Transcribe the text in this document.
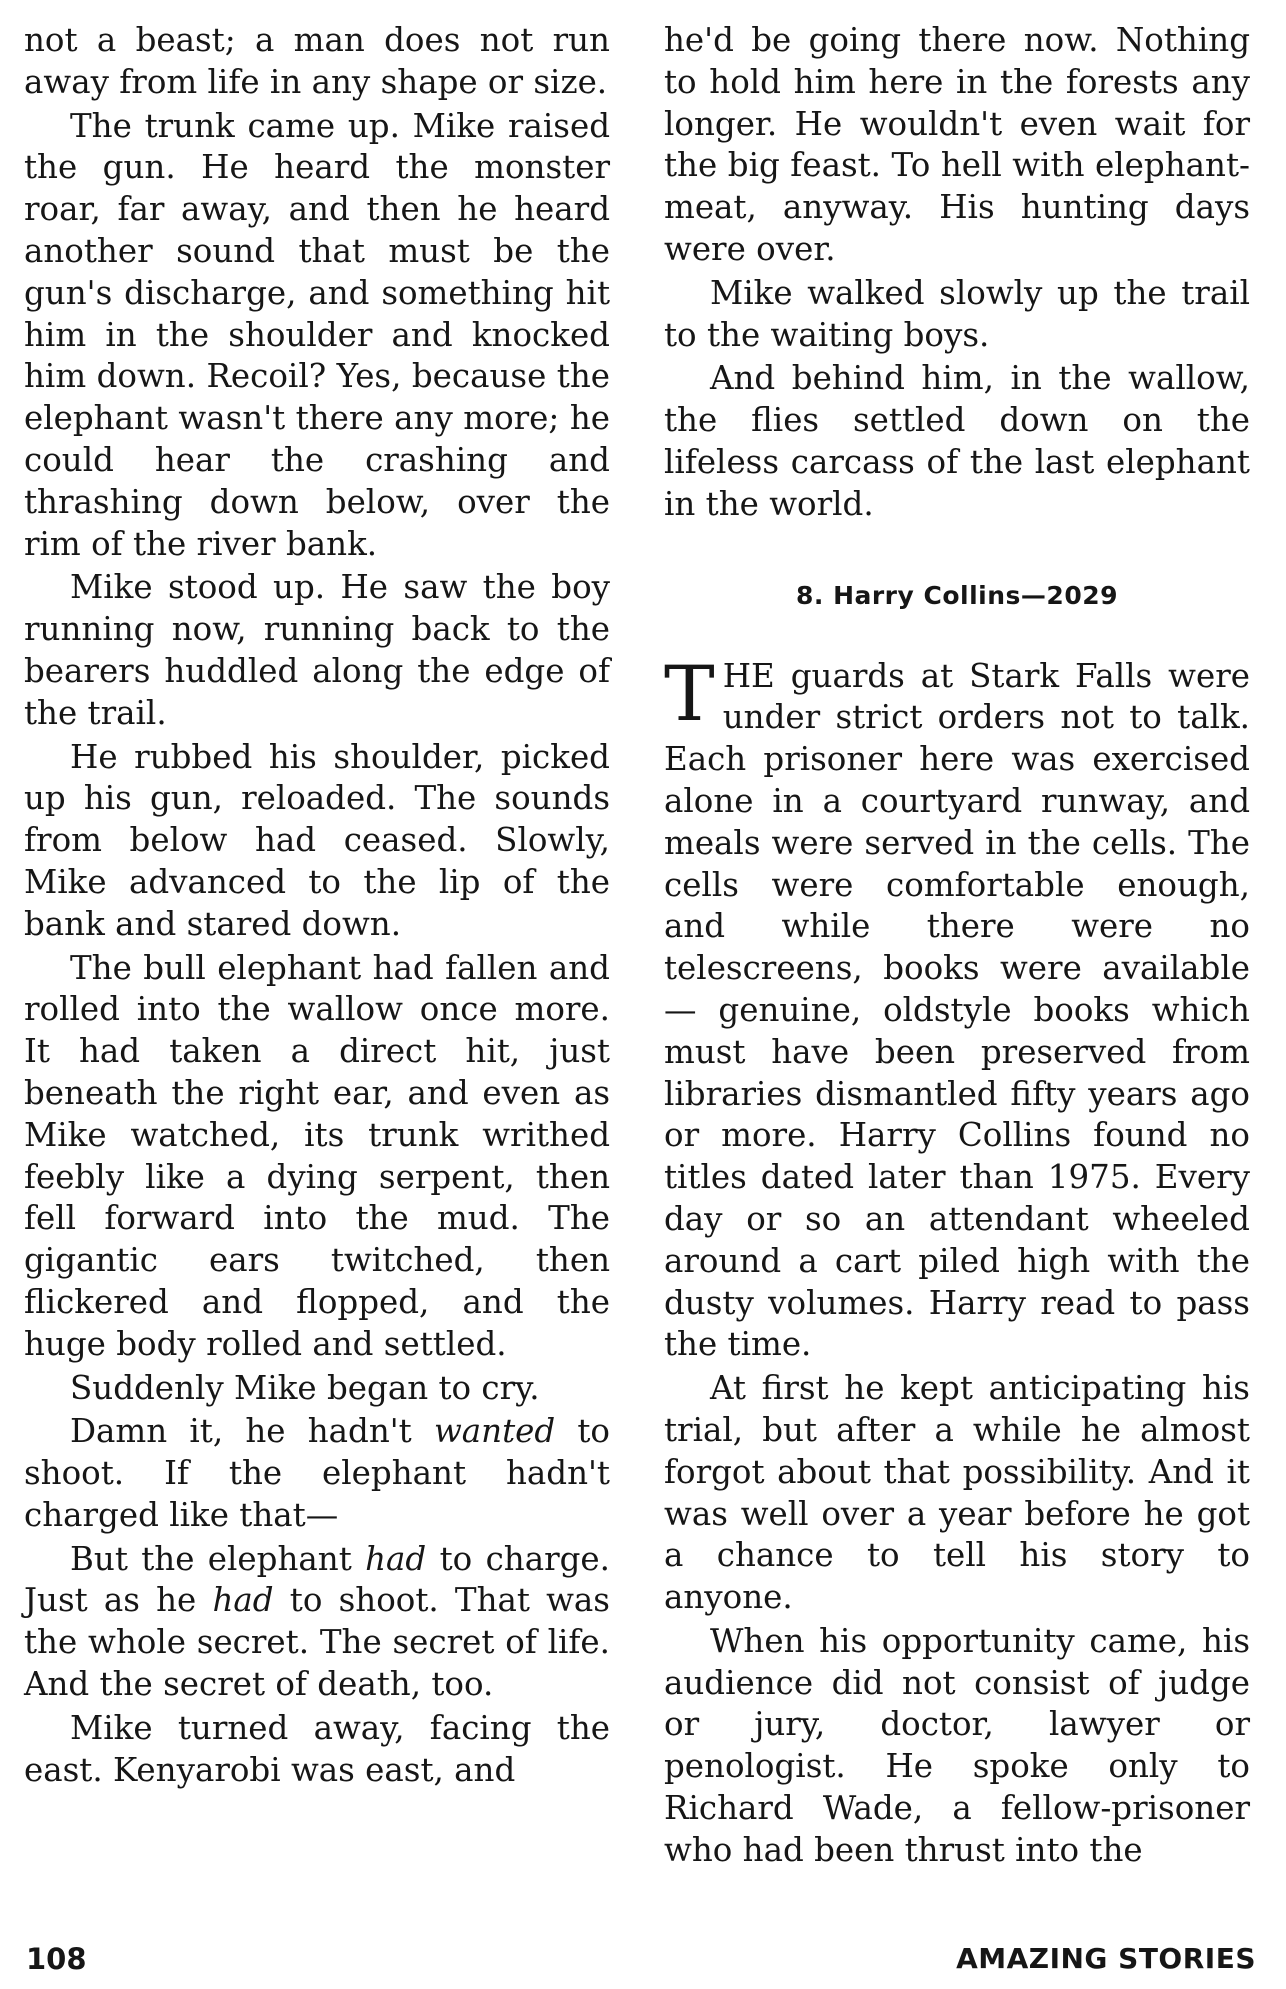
not a beast; a man does not run away from life in any shape or size.

The trunk came up. Mike raised the gun. He heard the monster roar, far away, and then he heard another sound that must be the gun's discharge, and something hit him in the shoulder and knocked him down. Recoil? Yes, because the elephant wasn't there any more; he could hear the crashing and thrashing down below, over the rim of the river bank.

Mike stood up. He saw the boy running now, running back to the bearers huddled along the edge of the trail.

He rubbed his shoulder, picked up his gun, reloaded. The sounds from below had ceased. Slowly, Mike advanced to the lip of the bank and stared down.

The bull elephant had fallen and rolled into the wallow once more. It had taken a direct hit, just beneath the right ear, and even as Mike watched, its trunk writhed feebly like a dying serpent, then fell forward into the mud. The gigantic ears twitched, then flickered and flopped, and the huge body rolled and settled.

Suddenly Mike began to cry.

Damn it, he hadn't wanted to shoot. If the elephant hadn't charged like that—

But the elephant had to charge. Just as he had to shoot. That was the whole secret. The secret of life. And the secret of death, too.

Mike turned away, facing the east. Kenyarobi was east, and

he'd be going there now. Nothing to hold him here in the forests any longer. He wouldn't even wait for the big feast. To hell with elephant-meat, anyway. His hunting days were over.

Mike walked slowly up the trail to the waiting boys.

And behind him, in the wallow, the flies settled down on the lifeless carcass of the last elephant in the world.

8. Harry Collins—2029

THE guards at Stark Falls were under strict orders not to talk. Each prisoner here was exercised alone in a courtyard runway, and meals were served in the cells. The cells were comfortable enough, and while there were no telescreens, books were available — genuine, oldstyle books which must have been preserved from libraries dismantled fifty years ago or more. Harry Collins found no titles dated later than 1975. Every day or so an attendant wheeled around a cart piled high with the dusty volumes. Harry read to pass the time.

At first he kept anticipating his trial, but after a while he almost forgot about that possibility. And it was well over a year before he got a chance to tell his story to anyone.

When his opportunity came, his audience did not consist of judge or jury, doctor, lawyer or penologist. He spoke only to Richard Wade, a fellow-prisoner who had been thrust into the

108	AMAZING STORIES
